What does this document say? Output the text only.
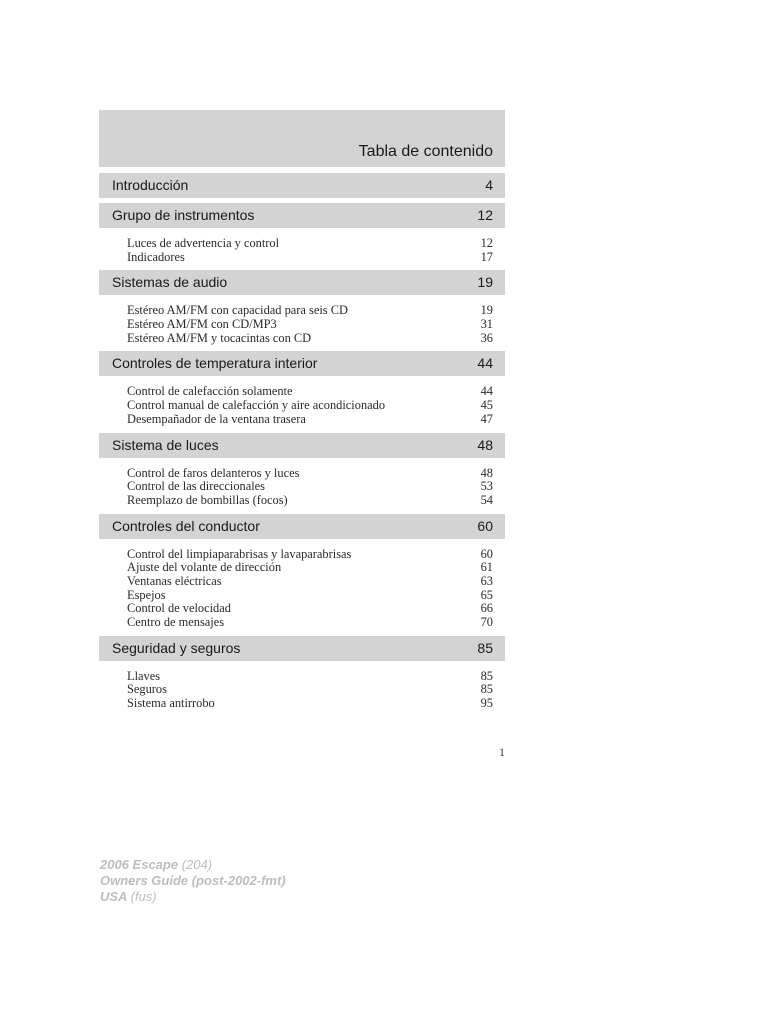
Tabla de contenido
Introducción	4
Grupo de instrumentos	12
Luces de advertencia y control	12
Indicadores	17
Sistemas de audio	19
Estéreo AM/FM con capacidad para seis CD	19
Estéreo AM/FM con CD/MP3	31
Estéreo AM/FM y tocacintas con CD	36
Controles de temperatura interior	44
Control de calefacción solamente	44
Control manual de calefacción y aire acondicionado	45
Desempañador de la ventana trasera	47
Sistema de luces	48
Control de faros delanteros y luces	48
Control de las direccionales	53
Reemplazo de bombillas (focos)	54
Controles del conductor	60
Control del limpiaparabrisas y lavaparabrisas	60
Ajuste del volante de dirección	61
Ventanas eléctricas	63
Espejos	65
Control de velocidad	66
Centro de mensajes	70
Seguridad y seguros	85
Llaves	85
Seguros	85
Sistema antirrobo	95
1
2006 Escape (204)
Owners Guide (post-2002-fmt)
USA (fus)
